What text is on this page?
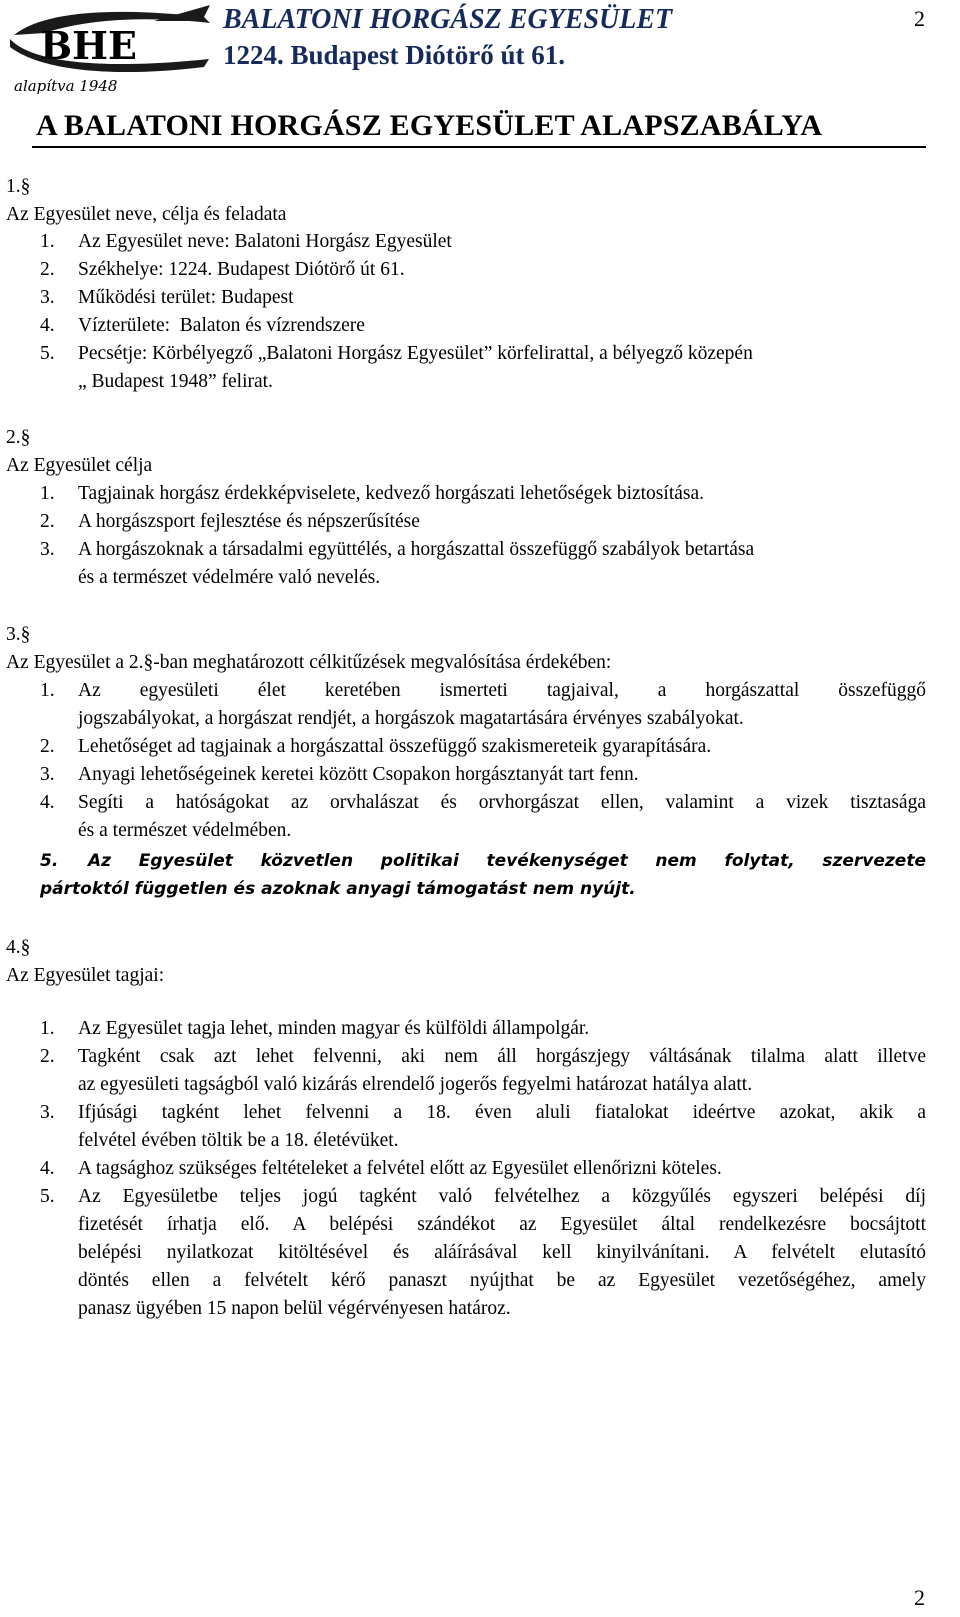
BHE
alapítva 1948
BALATONI HORGÁSZ EGYESÜLET
1224. Budapest Diótörő út 61.
2
A BALATONI HORGÁSZ EGYESÜLET ALAPSZABÁLYA
1.§
Az Egyesület neve, célja és feladata
1. Az Egyesület neve: Balatoni Horgász Egyesület
2. Székhelye: 1224. Budapest Diótörő út 61.
3. Működési terület: Budapest
4. Vízterülete:  Balaton és vízrendszere
5. Pecsétje: Körbélyegző „Balatoni Horgász Egyesület” körfelirattal, a bélyegző közepén
„ Budapest 1948” felirat.
2.§
Az Egyesület célja
1. Tagjainak horgász érdekképviselete, kedvező horgászati lehetőségek biztosítása.
2. A horgászsport fejlesztése és népszerűsítése
3. A horgászoknak a társadalmi együttélés, a horgászattal összefüggő szabályok betartása
és a természet védelmére való nevelés.
3.§
Az Egyesület a 2.§-ban meghatározott célkitűzések megvalósítása érdekében:
1. Az egyesületi élet keretében ismerteti tagjaival, a horgászattal összefüggő
jogszabályokat, a horgászat rendjét, a horgászok magatartására érvényes szabályokat.
2. Lehetőséget ad tagjainak a horgászattal összefüggő szakismereteik gyarapítására.
3. Anyagi lehetőségeinek keretei között Csopakon horgásztanyát tart fenn.
4. Segíti a hatóságokat az orvhalászat és orvhorgászat ellen, valamint a vizek tisztasága
és a természet védelmében.
5. Az Egyesület közvetlen politikai tevékenységet nem folytat, szervezete
pártoktól független és azoknak anyagi támogatást nem nyújt.
4.§
Az Egyesület tagjai:
1. Az Egyesület tagja lehet, minden magyar és külföldi állampolgár.
2. Tagként csak azt lehet felvenni, aki nem áll horgászjegy váltásának tilalma alatt illetve
az egyesületi tagságból való kizárás elrendelő jogerős fegyelmi határozat hatálya alatt.
3. Ifjúsági tagként lehet felvenni a 18. éven aluli fiatalokat ideértve azokat, akik a
felvétel évében töltik be a 18. életévüket.
4. A tagsághoz szükséges feltételeket a felvétel előtt az Egyesület ellenőrizni köteles.
5. Az Egyesületbe teljes jogú tagként való felvételhez a közgyűlés egyszeri belépési díj
fizetését írhatja elő. A belépési szándékot az Egyesület által rendelkezésre bocsájtott
belépési nyilatkozat kitöltésével és aláírásával kell kinyilvánítani. A felvételt elutasító
döntés ellen a felvételt kérő panaszt nyújthat be az Egyesület vezetőségéhez, amely
panasz ügyében 15 napon belül végérvényesen határoz.
2
